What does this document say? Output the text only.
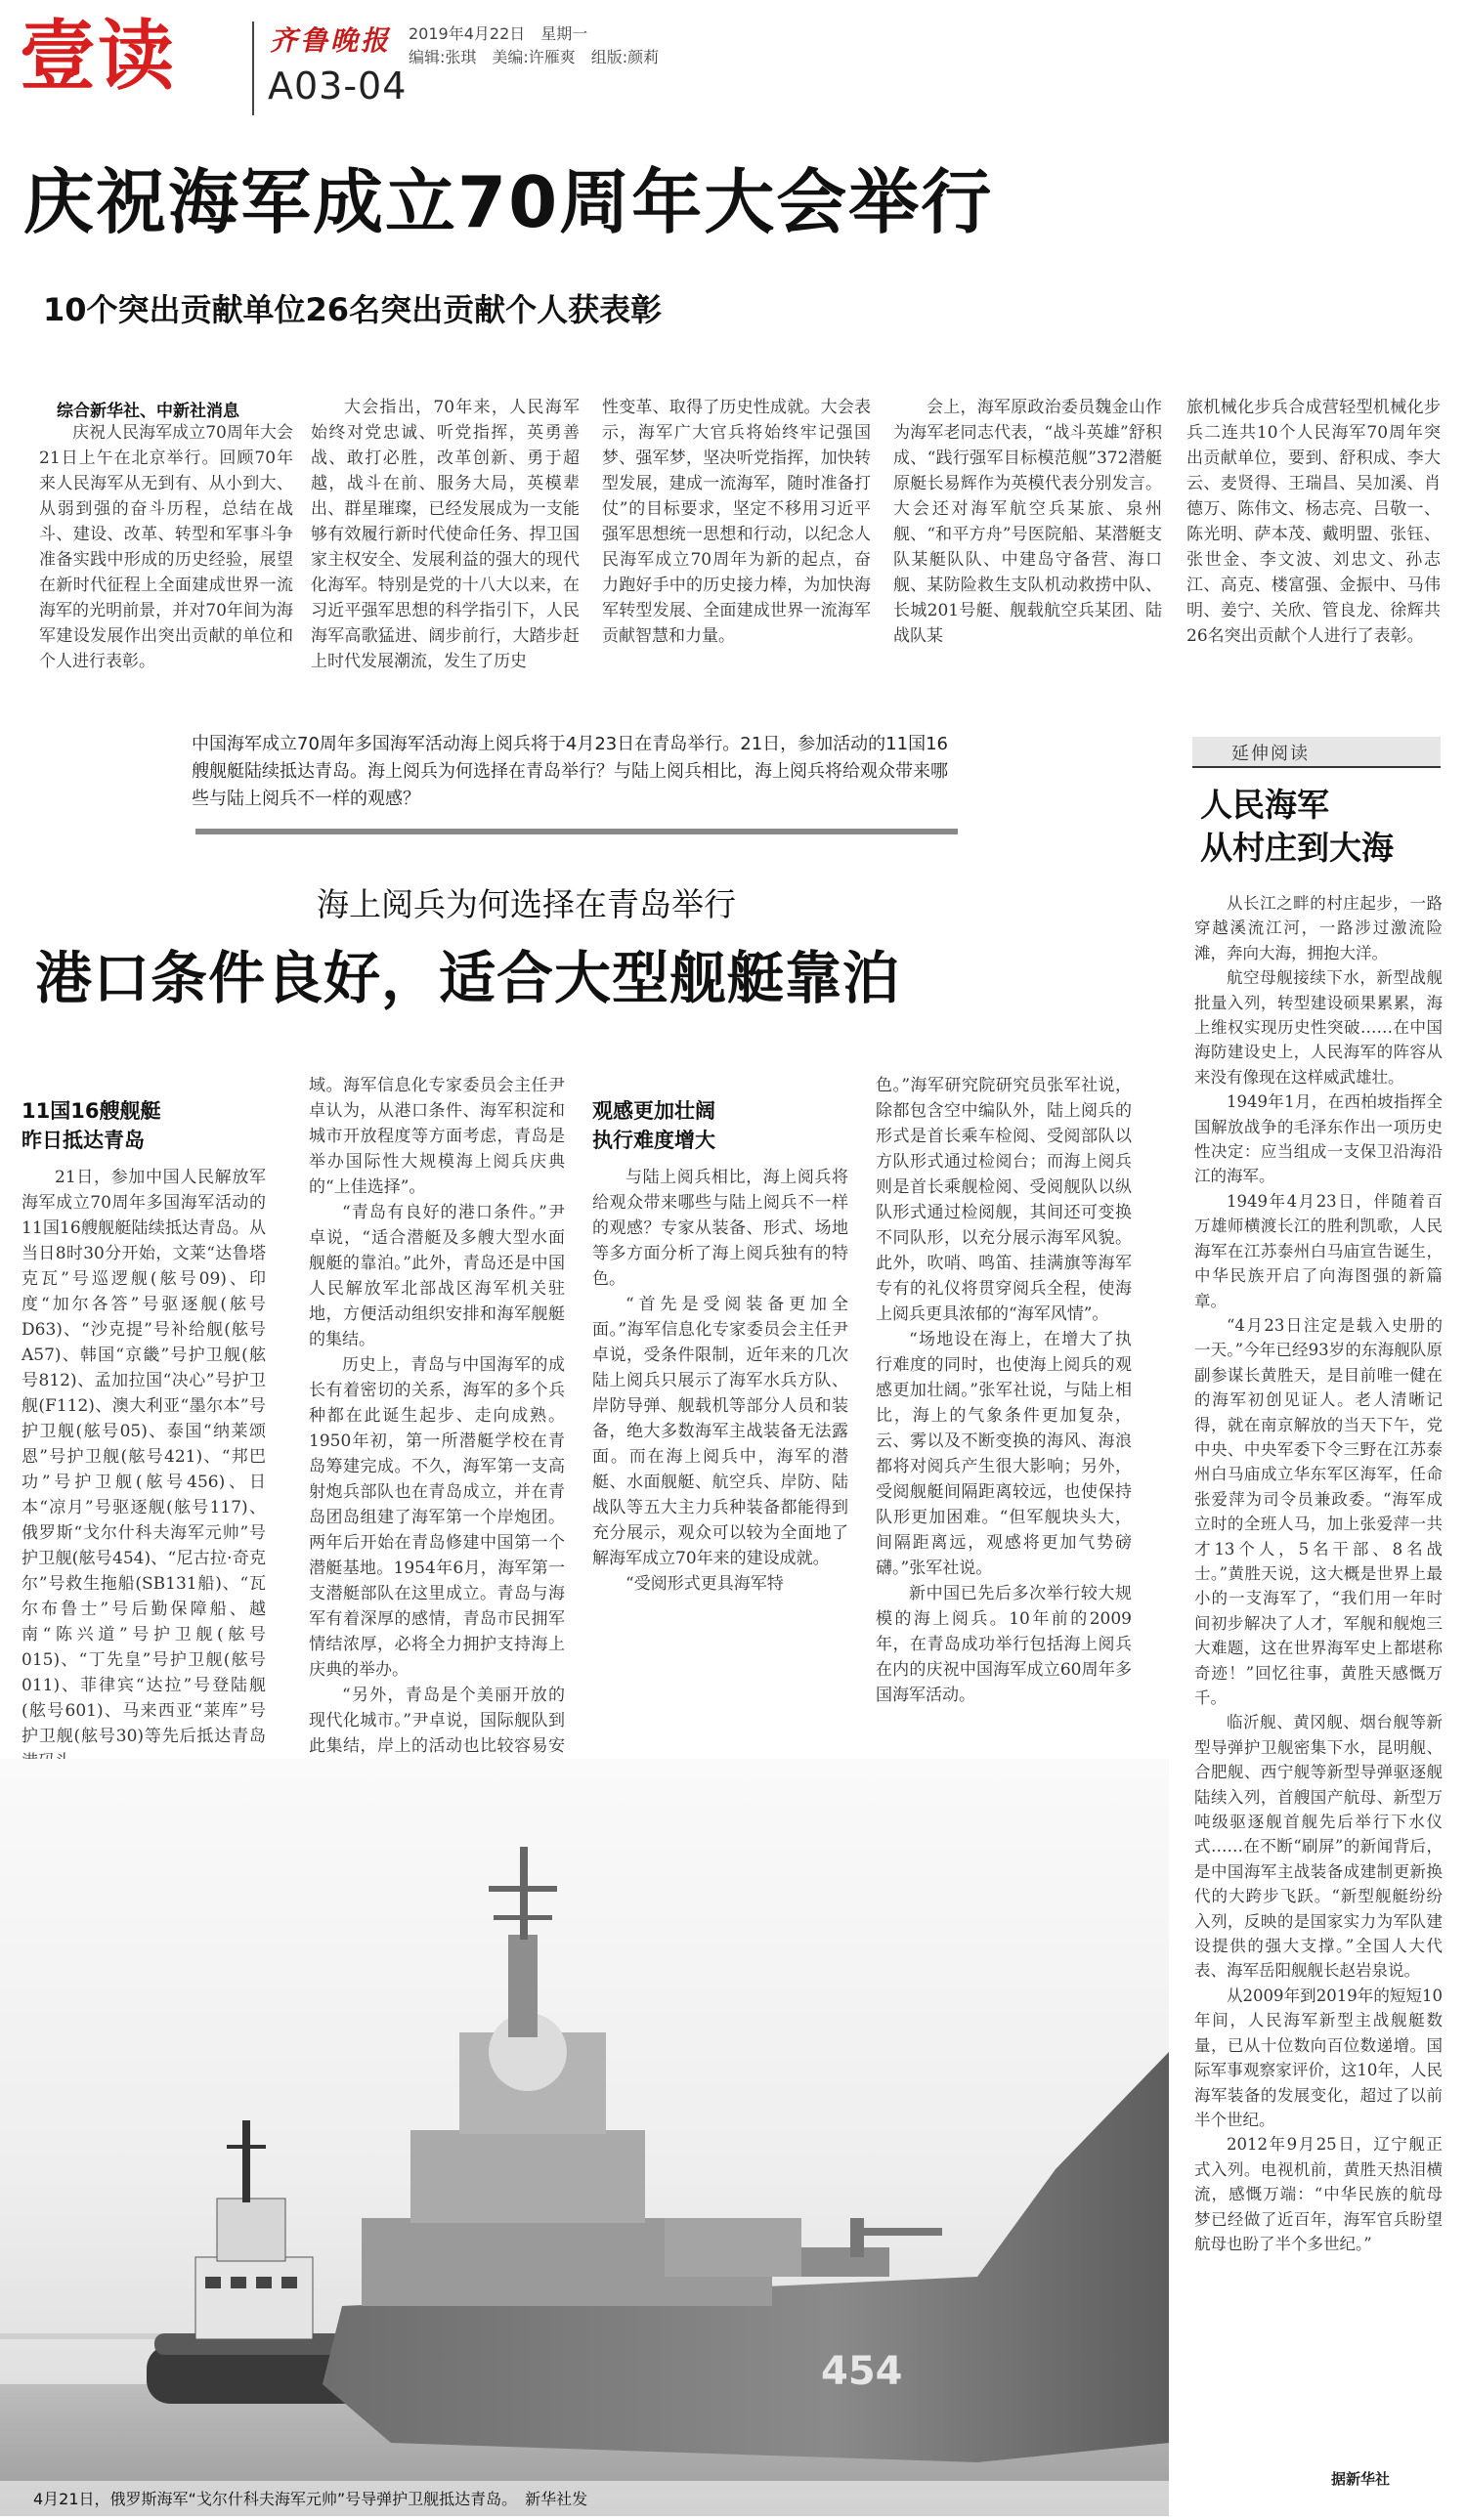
壹读	齐鲁晚报
A03-04
2019年4月22日　星期一
编辑:张琪　美编:许雁爽　组版:颜莉
庆祝海军成立70周年大会举行
10个突出贡献单位26名突出贡献个人获表彰
综合新华社、中新社消息

庆祝人民海军成立70周年大会21日上午在北京举行。回顾70年来人民海军从无到有、从小到大、从弱到强的奋斗历程，总结在战斗、建设、改革、转型和军事斗争准备实践中形成的历史经验，展望在新时代征程上全面建成世界一流海军的光明前景，并对70年间为海军建设发展作出突出贡献的单位和个人进行表彰。

大会指出，70年来，人民海军始终对党忠诚、听党指挥，英勇善战、敢打必胜，改革创新、勇于超越，战斗在前、服务大局，英模辈出、群星璀璨，已经发展成为一支能够有效履行新时代使命任务、捍卫国家主权安全、发展利益的强大的现代化海军。特别是党的十八大以来，在习近平强军思想的科学指引下，人民海军高歌猛进、阔步前行，大踏步赶上时代发展潮流，发生了历史

性变革、取得了历史性成就。大会表示，海军广大官兵将始终牢记强国梦、强军梦，坚决听党指挥，加快转型发展，建成一流海军，随时准备打仗”的目标要求，坚定不移用习近平强军思想统一思想和行动，以纪念人民海军成立70周年为新的起点，奋力跑好手中的历史接力棒，为加快海军转型发展、全面建成世界一流海军贡献智慧和力量。

会上，海军原政治委员魏金山作为海军老同志代表，“战斗英雄”舒积成、“践行强军目标模范舰”372潜艇原艇长易辉作为英模代表分别发言。大会还对海军航空兵某旅、泉州舰、“和平方舟”号医院船、某潜艇支队某艇队队、中建岛守备营、海口舰、某防险救生支队机动救捞中队、长城201号艇、舰载航空兵某团、陆战队某

旅机械化步兵合成营轻型机械化步兵二连共10个人民海军70周年突出贡献单位，要到、舒积成、李大云、麦贤得、王瑞昌、吴加溪、肖德万、陈伟文、杨志亮、吕敬一、陈光明、萨本茂、戴明盟、张钰、张世金、李文波、刘忠文、孙志江、高克、楼富强、金振中、马伟明、姜宁、关欣、管良龙、徐辉共26名突出贡献个人进行了表彰。

中国海军成立70周年多国海军活动海上阅兵将于4月23日在青岛举行。21日，参加活动的11国16艘舰艇陆续抵达青岛。海上阅兵为何选择在青岛举行？与陆上阅兵相比，海上阅兵将给观众带来哪些与陆上阅兵不一样的观感？
海上阅兵为何选择在青岛举行
港口条件良好，适合大型舰艇靠泊
11国16艘舰艇
昨日抵达青岛

21日，参加中国人民解放军海军成立70周年多国海军活动的11国16艘舰艇陆续抵达青岛。从当日8时30分开始，文莱“达鲁塔克瓦”号巡逻舰(舷号09)、印度“加尔各答”号驱逐舰(舷号D63)、“沙克提”号补给舰(舷号A57)、韩国“京畿”号护卫舰(舷号812)、孟加拉国“决心”号护卫舰(F112)、澳大利亚“墨尔本”号护卫舰(舷号05)、泰国“纳莱颂恩”号护卫舰(舷号421)、“邦巴功”号护卫舰(舷号456)、日本“凉月”号驱逐舰(舷号117)、俄罗斯“戈尔什科夫海军元帅”号护卫舰(舷号454)、“尼古拉·奇克尔”号救生拖船(SB131船)、“瓦尔布鲁士”号后勤保障船、越南“陈兴道”号护卫舰(舷号015)、“丁先皇”号护卫舰(舷号011)、菲律宾“达拉”号登陆舰(舷号601)、马来西亚“莱库”号护卫舰(舷号30)等先后抵达青岛

域。海军信息化专家委员会主任尹卓认为，从港口条件、海军积淀和城市开放程度等方面考虑，青岛是举办国际性大规模海上阅兵庆典的“上佳选择”。

“青岛有良好的港口条件。”尹卓说，“适合潜艇及多艘大型水面舰艇的靠泊。”此外，青岛还是中国人民解放军北部战区海军机关驻地，方便活动组织安排和海军舰艇的集结。

历史上，青岛与中国海军的成长有着密切的关系，海军的多个兵种都在此诞生起步、走向成熟。1950年初，第一所潜艇学校在青岛筹建完成。不久，海军第一支高射炮兵部队也在青岛成立，并在青岛团岛组建了海军第一个岸炮团。两年后开始在青岛修建中国第一个潜艇基地。1954年6月，海军第一支潜艇部队在这里成立。青岛与海军有着深厚的感情，青岛市民拥军情结浓厚，必将全力拥护支持海上庆典的举办。

“另外，青岛是个美丽开放的现代化城市。”尹卓说，国际舰队到此集结，岸上的活动也比较容易安

观感更加壮阔
执行难度增大

与陆上阅兵相比，海上阅兵将给观众带来哪些与陆上阅兵不一样的观感？专家从装备、形式、场地等多方面分析了海上阅兵独有的特色。

“首先是受阅装备更加全面。”海军信息化专家委员会主任尹卓说，受条件限制，近年来的几次陆上阅兵只展示了海军水兵方队、岸防导弹、舰载机等部分人员和装备，绝大多数海军主战装备无法露面。而在海上阅兵中，海军的潜艇、水面舰艇、航空兵、岸防、陆战队等五大主力兵种装备都能得到充分展示，观众可以较为全面地了解海军成立70年来的建设成就。

“受阅形式更具海军特

色。”海军研究院研究员张军社说，除都包含空中编队外，陆上阅兵的形式是首长乘车检阅、受阅部队以方队形式通过检阅台；而海上阅兵则是首长乘舰检阅、受阅舰队以纵队形式通过检阅舰，其间还可变换不同队形，以充分展示海军风貌。此外，吹哨、鸣笛、挂满旗等海军专有的礼仪将贯穿阅兵全程，使海上阅兵更具浓郁的“海军风情”。

“场地设在海上，在增大了执行难度的同时，也使海上阅兵的观感更加壮阔。”张军社说，与陆上相比，海上的气象条件更加复杂，云、雾以及不断变换的海风、海浪都将对阅兵产生很大影响；另外，受阅舰艇间隔距离较远，也使保持队形更加困难。“但军舰块头大，间隔距离远，观感将更加气势磅礴。”张军社说。

新中国已先后多次举行较大规模的海上阅兵。10年前的2009年，在青岛成功举行包括海上阅兵在内的庆祝中国海军成立60周年多国海军活动。

延伸阅读
人民海军
从村庄到大海

从长江之畔的村庄起步，一路穿越溪流江河，一路涉过激流险滩，奔向大海，拥抱大洋。

航空母舰接续下水，新型战舰批量入列，转型建设硕果累累，海上维权实现历史性突破……在中国海防建设史上，人民海军的阵容从来没有像现在这样威武雄壮。

1949年1月，在西柏坡指挥全国解放战争的毛泽东作出一项历史性决定：应当组成一支保卫沿海沿江的海军。

1949年4月23日，伴随着百万雄师横渡长江的胜利凯歌，人民海军在江苏泰州白马庙宣告诞生，中华民族开启了向海图强的新篇章。

“4月23日注定是载入史册的一天。”今年已经93岁的东海舰队原副参谋长黄胜天，是目前唯一健在的海军初创见证人。老人清晰记得，就在南京解放的当天下午，党中央、中央军委下令三野在江苏泰州白马庙成立华东军区海军，任命张爱萍为司令员兼政委。“海军成立时的全班人马，加上张爱萍一共才13个人，5名干部、8名战士。”黄胜天说，这大概是世界上最小的一支海军了，“我们用一年时间初步解决了人才，军舰和舰炮三大难题，这在世界海军史上都堪称奇迹！”回忆往事，黄胜天感慨万千。

临沂舰、黄冈舰、烟台舰等新型导弹护卫舰密集下水，昆明舰、合肥舰、西宁舰等新型导弹驱逐舰陆续入列，首艘国产航母、新型万吨级驱逐舰首舰先后举行下水仪式……在不断“刷屏”的新闻背后，是中国海军主战装备成建制更新换代的大跨步飞跃。“新型舰艇纷纷入列，反映的是国家实力为军队建设提供的强大支撑。”全国人大代表、海军岳阳舰舰长赵岩泉说。

从2009年到2019年的短短10年间，人民海军新型主战舰艇数量，已从十位数向百位数递增。国际军事观察家评价，这10年，人民海军装备的发展变化，超过了以前半个世纪。

2012年9月25日，辽宁舰正式入列。电视机前，黄胜天热泪横流，感慨万端：“中华民族的航母梦已经做了近百年，海军官兵盼望航母也盼了半个多世纪。”

据新华社
454
4月21日，俄罗斯海军“戈尔什科夫海军元帅”号导弹护卫舰抵达青岛。　新华社发
